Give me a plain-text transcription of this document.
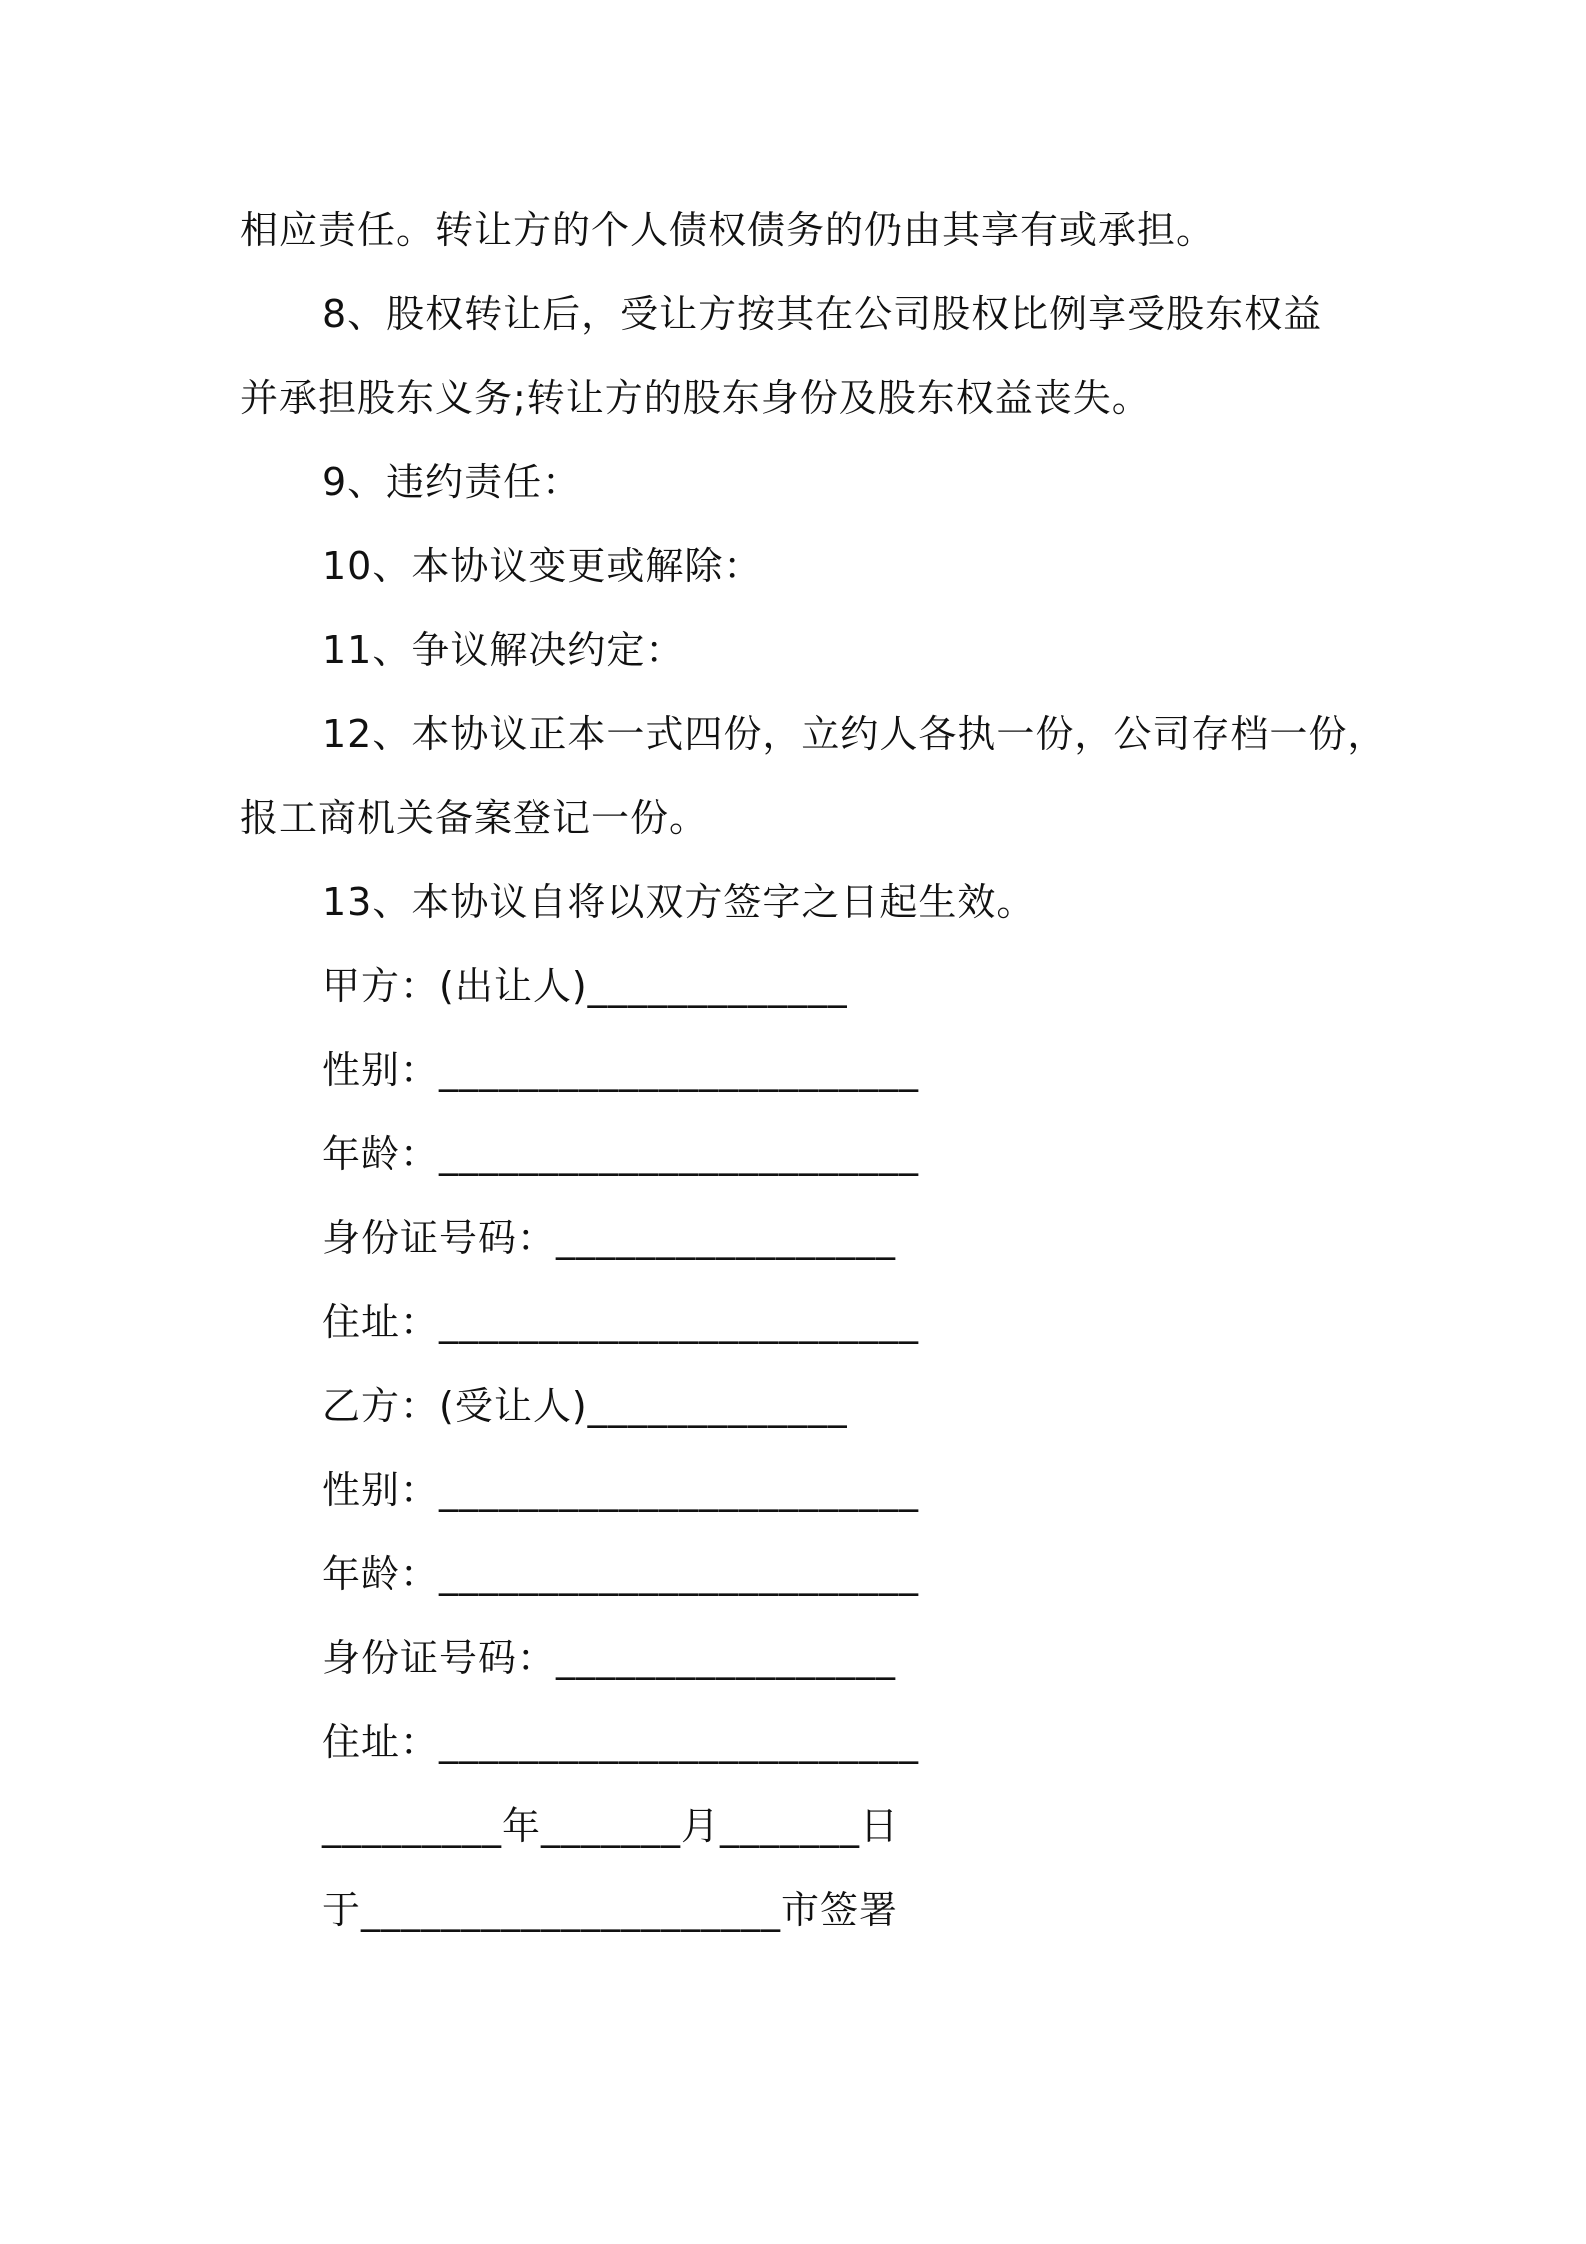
相应责任。转让方的个人债权债务的仍由其享有或承担。
8、股权转让后，受让方按其在公司股权比例享受股东权益
并承担股东义务;转让方的股东身份及股东权益丧失。
9、违约责任：
10、本协议变更或解除：
11、争议解决约定：
12、本协议正本一式四份，立约人各执一份，公司存档一份，
报工商机关备案登记一份。
13、本协议自将以双方签字之日起生效。
甲方：(出让人)_____________
性别：________________________
年龄：________________________
身份证号码：_________________
住址：________________________
乙方：(受让人)_____________
性别：________________________
年龄：________________________
身份证号码：_________________
住址：________________________
_________年_______月_______日
于_____________________市签署
